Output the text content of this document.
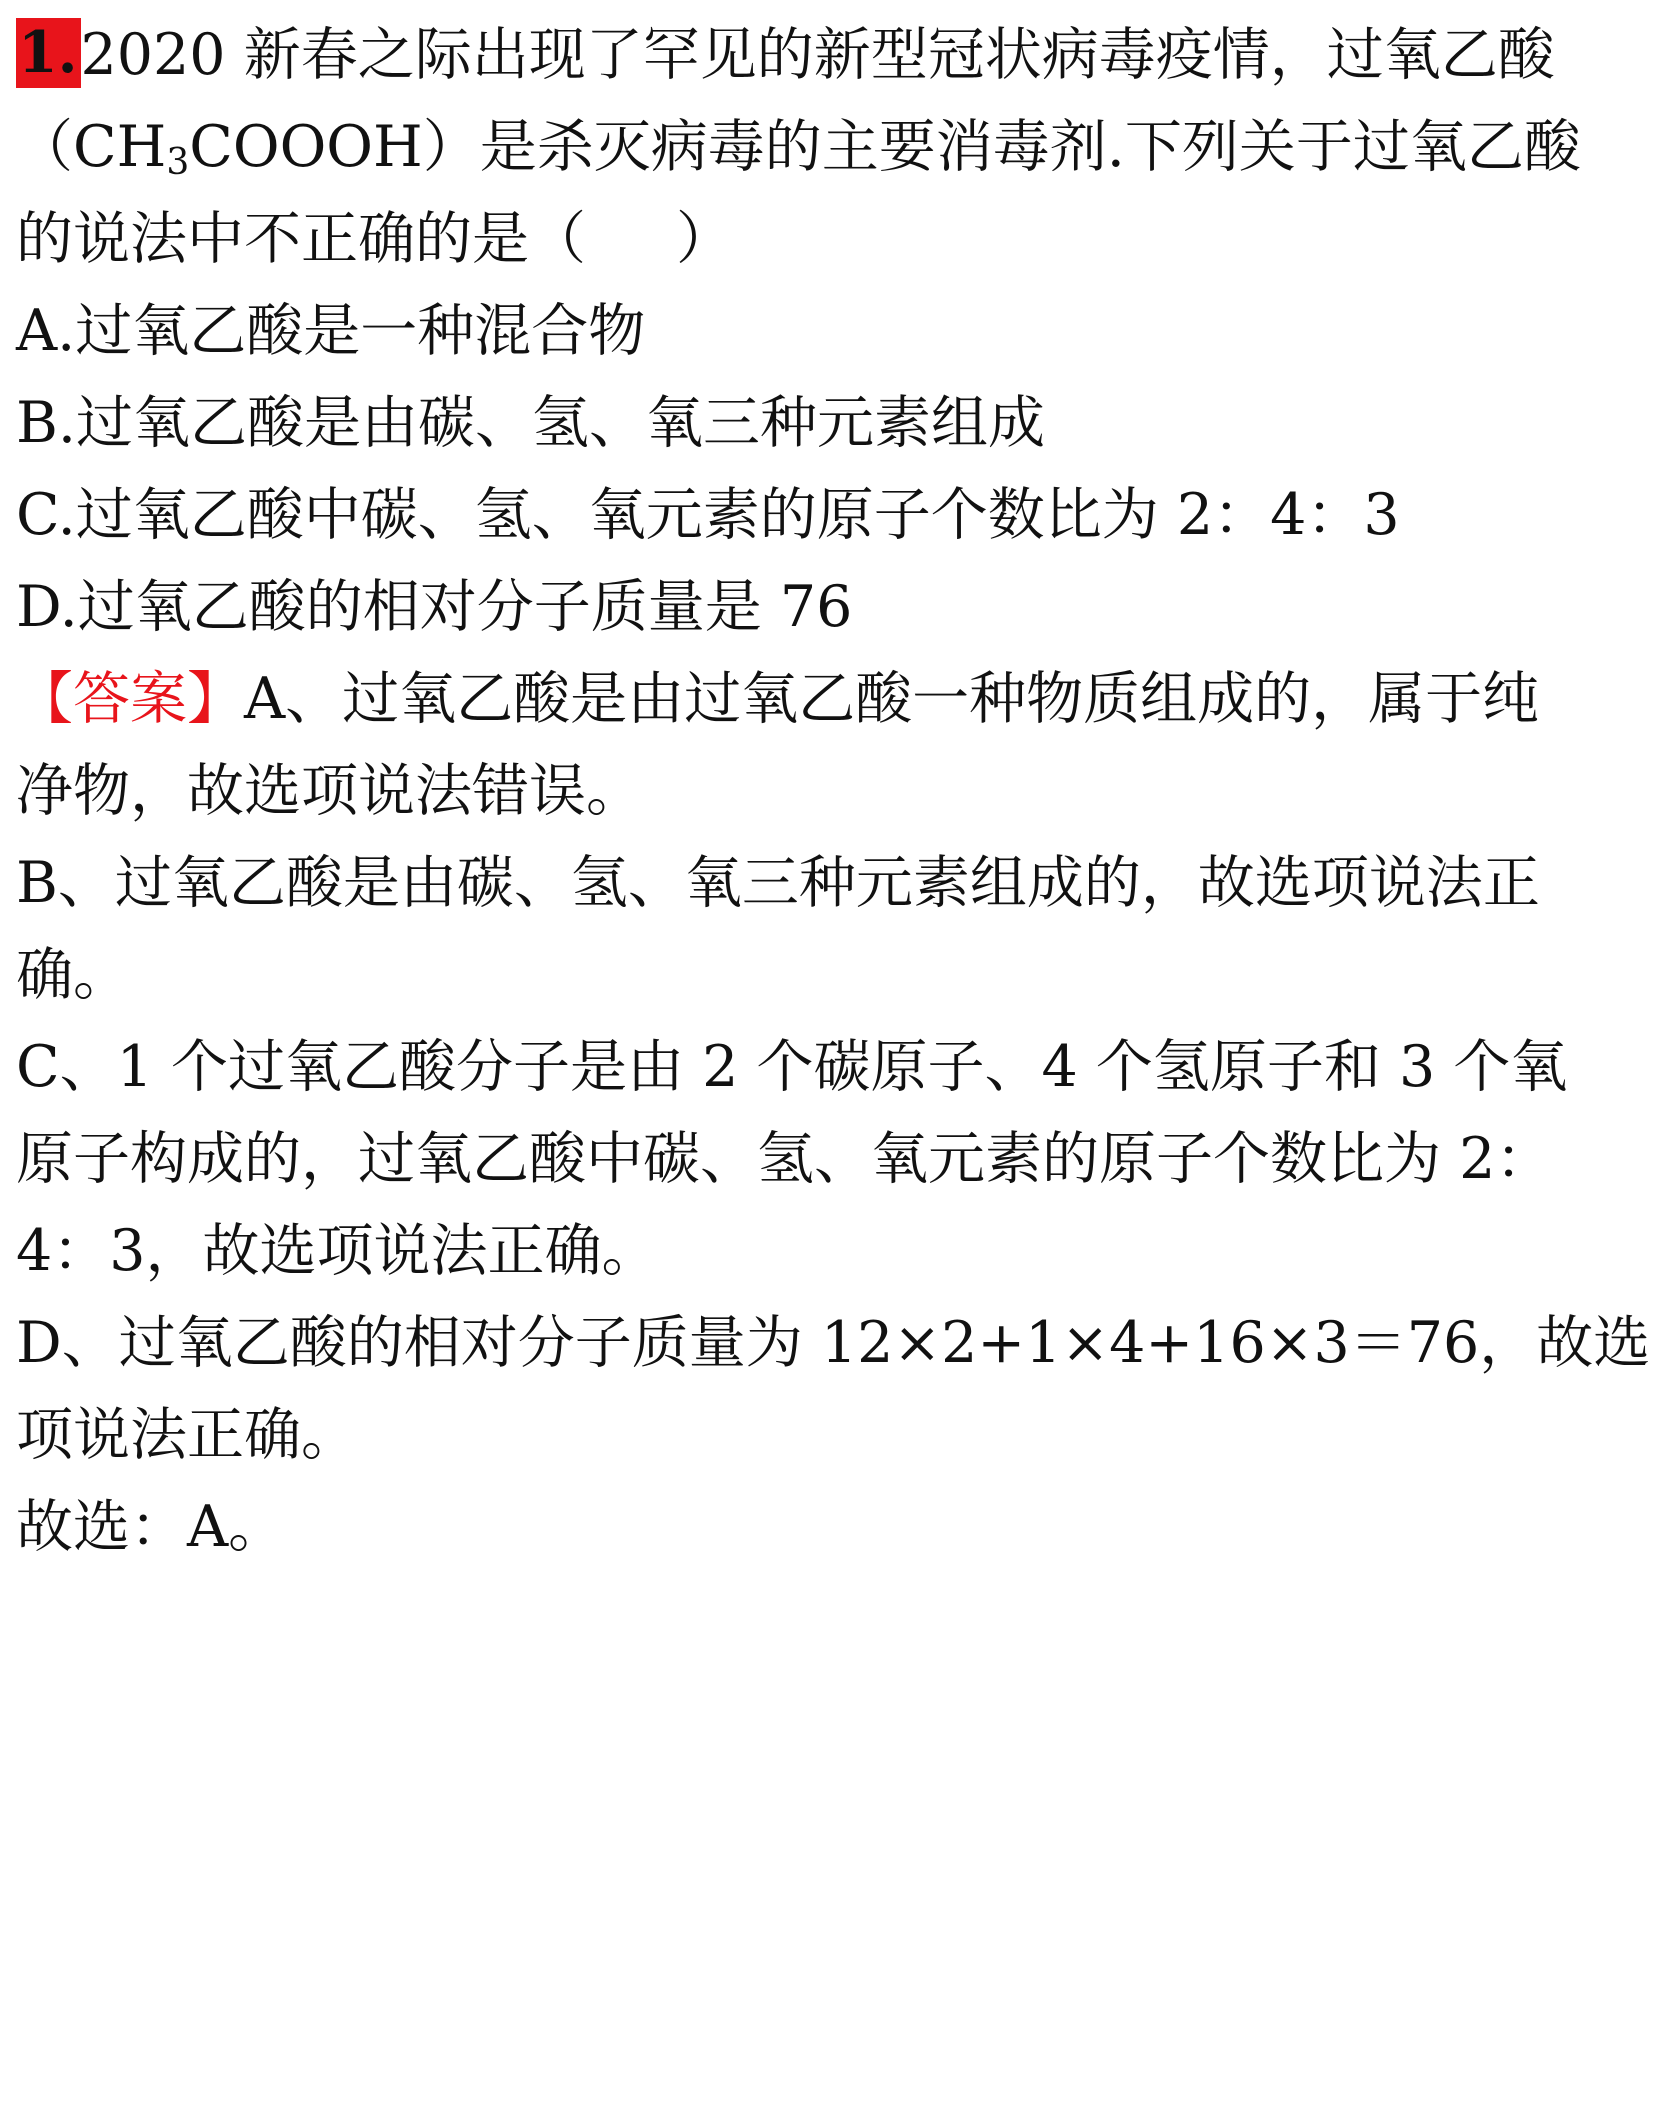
1.2020 新春之际出现了罕见的新型冠状病毒疫情，过氧乙酸
$(CH_3COOOH)$是杀灭病毒的主要消毒剂.下列关于过氧乙酸
的说法中不正确的是（ ）
A.过氧乙酸是一种混合物
B.过氧乙酸是由碳、氢、氧三种元素组成
C.过氧乙酸中碳、氢、氧元素的原子个数比为 2：4：3
D.过氧乙酸的相对分子质量是 76
【答案】A、过氧乙酸是由过氧乙酸一种物质组成的，属于纯
净物，故选项说法错误。
B、过氧乙酸是由碳、氢、氧三种元素组成的，故选项说法正
确。
C、1 个过氧乙酸分子是由 2 个碳原子、4 个氢原子和 3 个氧
原子构成的，过氧乙酸中碳、氢、氧元素的原子个数比为 2：
4：3，故选项说法正确。
D、过氧乙酸的相对分子质量为 12×2+1×4+16×3＝76，故选
项说法正确。
故选：A。
